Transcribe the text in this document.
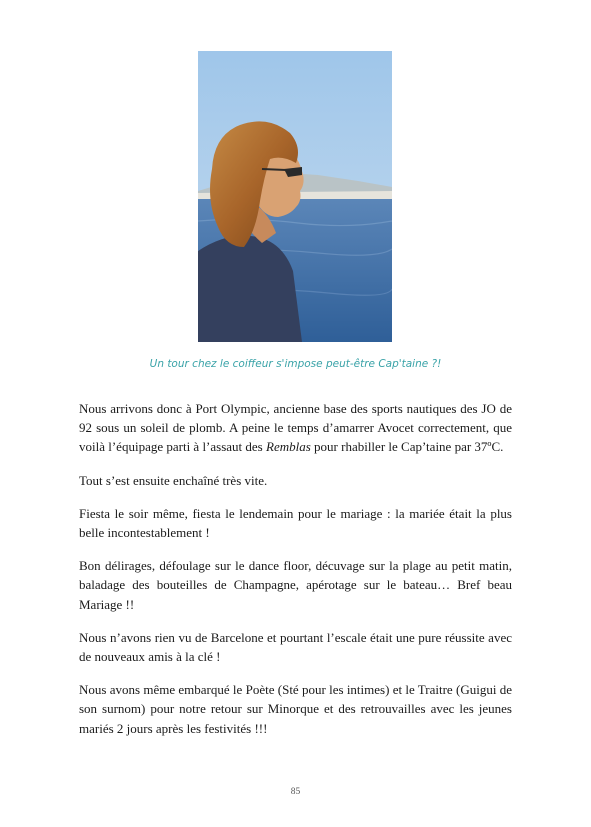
Un tour chez le coiffeur s'impose peut-être Cap'taine ?!

Nous arrivons donc à Port Olympic, ancienne base des sports nautiques des JO de 92 sous un soleil de plomb. A peine le temps d’amarrer Avocet correctement, que voilà l’équipage parti à l’assaut des Remblas pour rhabiller le Cap’taine par 37ºC.

Tout s’est ensuite enchaîné très vite.

Fiesta le soir même, fiesta le lendemain pour le mariage : la mariée était la plus belle incontestablement !

Bon délirages, défoulage sur le dance floor, décuvage sur la plage au petit matin, baladage des bouteilles de Champagne, apérotage sur le bateau… Bref beau Mariage !!

Nous n’avons rien vu de Barcelone et pourtant l’escale était une pure réussite avec de nouveaux amis à la clé !

Nous avons même embarqué le Poète (Sté pour les intimes) et le Traitre (Guigui de son surnom) pour notre retour sur Minorque et des retrouvailles avec les jeunes mariés 2 jours après les festivités !!!

85
